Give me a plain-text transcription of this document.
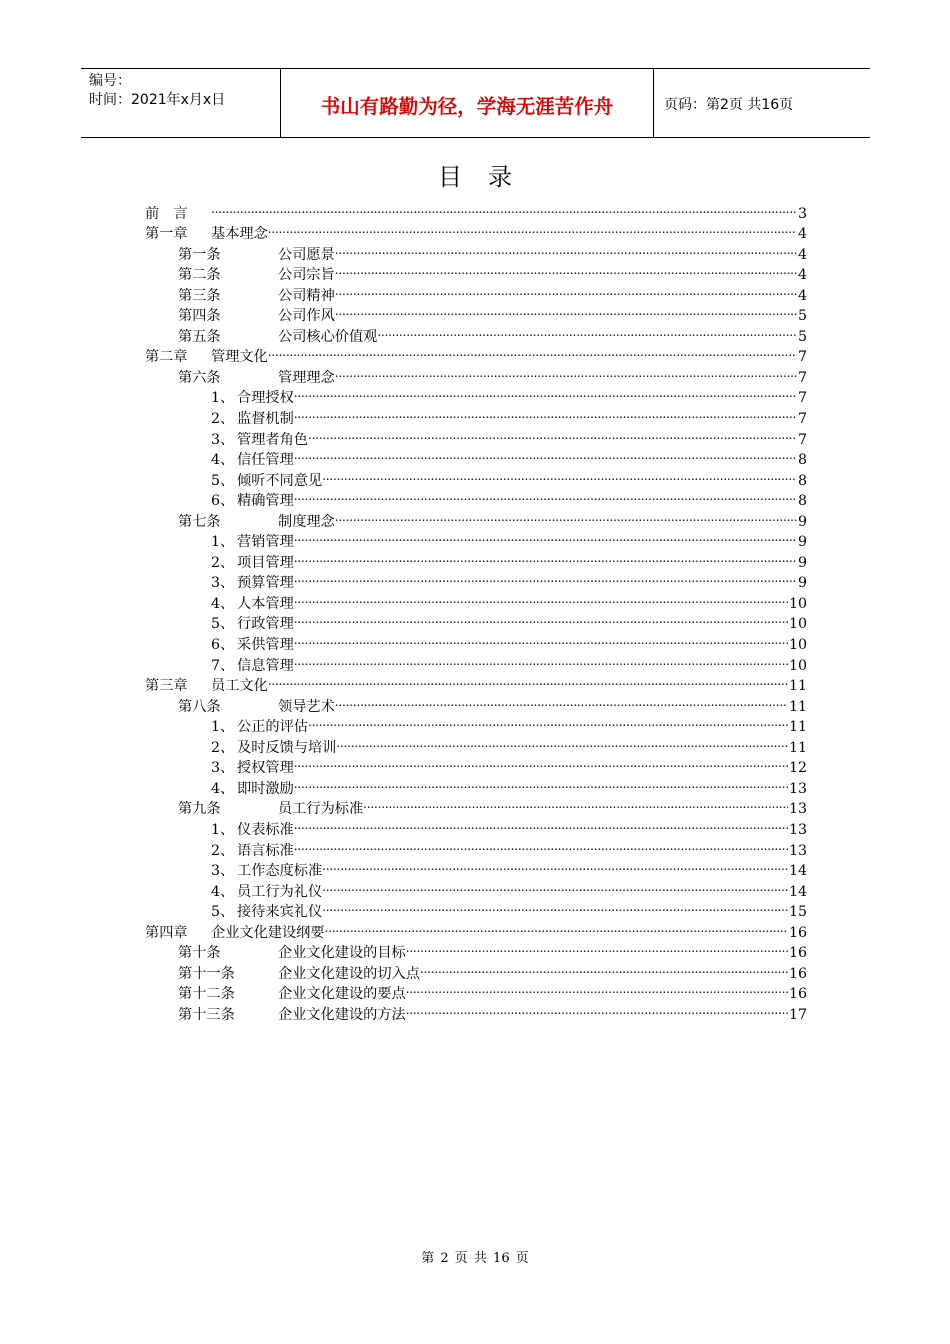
编号：
时间：2021年x月x日	书山有路勤为径，学海无涯苦作舟	页码：第2页 共16页
目录
前　言 .....	3
第一章	基本理念 .....	4
第一条	公司愿景 .....	4
第二条	公司宗旨 .....	4
第三条	公司精神 .....	4
第四条	公司作风 .....	5
第五条	公司核心价值观 .....	5
第二章	管理文化 .....	7
第六条	管理理念 .....	7
1、 合理授权 .....	7
2、 监督机制 .....	7
3、 管理者角色 .....	7
4、 信任管理 .....	8
5、 倾听不同意见 .....	8
6、 精确管理 .....	8
第七条	制度理念 .....	9
1、 营销管理 .....	9
2、 项目管理 .....	9
3、 预算管理 .....	9
4、 人本管理 .....	10
5、 行政管理 .....	10
6、 采供管理 .....	10
7、 信息管理 .....	10
第三章	员工文化 .....	11
第八条	领导艺术 .....	11
1、 公正的评估 .....	11
2、 及时反馈与培训 .....	11
3、 授权管理 .....	12
4、 即时激励 .....	13
第九条	员工行为标准 .....	13
1、 仪表标准 .....	13
2、 语言标准 .....	13
3、 工作态度标准 .....	14
4、 员工行为礼仪 .....	14
5、 接待来宾礼仪 .....	15
第四章	企业文化建设纲要 .....	16
第十条	企业文化建设的目标 .....	16
第十一条	企业文化建设的切入点 .....	16
第十二条	企业文化建设的要点 .....	16
第十三条	企业文化建设的方法 .....	17
第 2 页 共 16 页
